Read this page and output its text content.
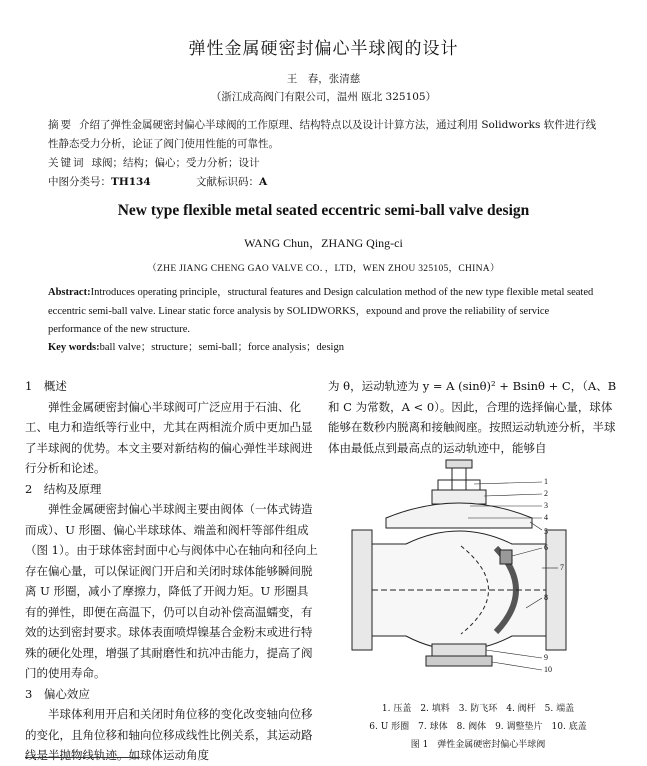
弹性金属硬密封偏心半球阀的设计
王　春，张清慈
（浙江成高阀门有限公司，温州 瓯北 325105）
摘要 介绍了弹性金属硬密封偏心半球阀的工作原理、结构特点以及设计计算方法，通过利用 Solidworks 软件进行线性静态受力分析，论证了阀门使用性能的可靠性。
关键词 球阀；结构；偏心；受力分析；设计
中图分类号：TH134	文献标识码：A
New type flexible metal seated eccentric semi-ball valve design
WANG Chun，ZHANG Qing-ci
（ZHE JIANG CHENG GAO VALVE CO．，LTD，WEN ZHOU 325105，CHINA）
Abstract:Introduces operating principle，structural features and Design calculation method of the new type flexible metal seated eccentric semi-ball valve. Linear static force analysis by SOLIDWORKS，expound and prove the reliability of service performance of the new structure.
Key words:ball valve；structure；semi-ball；force analysis；design
1　概述
弹性金属硬密封偏心半球阀可广泛应用于石油、化工、电力和造纸等行业中，尤其在两相流介质中更加凸显了半球阀的优势。本文主要对新结构的偏心弹性半球阀进行分析和论述。
2　结构及原理
弹性金属硬密封偏心半球阀主要由阀体（一体式铸造而成）、U 形圈、偏心半球球体、端盖和阀杆等部件组成（图 1）。由于球体密封面中心与阀体中心在轴向和径向上存在偏心量，可以保证阀门开启和关闭时球体能够瞬间脱离 U 形圈，减小了摩擦力，降低了开阀力矩。U 形圈具有的弹性，即便在高温下，仍可以自动补偿高温蠕变，有效的达到密封要求。球体表面喷焊镍基合金粉末或进行特殊的硬化处理，增强了其耐磨性和抗冲击能力，提高了阀门的使用寿命。
3　偏心效应
半球体利用开启和关闭时角位移的变化改变轴向位移的变化，且角位移和轴向位移成线性比例关系，其运动路线是半抛物线轨迹。如球体运动角度
为 θ，运动轨迹为 y = A (sinθ)² + Bsinθ + C，（A、B 和 C 为常数，A < 0）。因此，合理的选择偏心量，球体能够在数秒内脱离和接触阀座。按照运动轨迹分析，半球体由最低点到最高点的运动轨迹中，能够自
1
2
3
4
5
6
7
8
9
10
1. 压盖　2. 填料　3. 防飞环　4. 阀杆　5. 端盖
6. U 形圈　7. 球体　8. 阀体　9. 调整垫片　10. 底盖
图 1　弹性金属硬密封偏心半球阀
